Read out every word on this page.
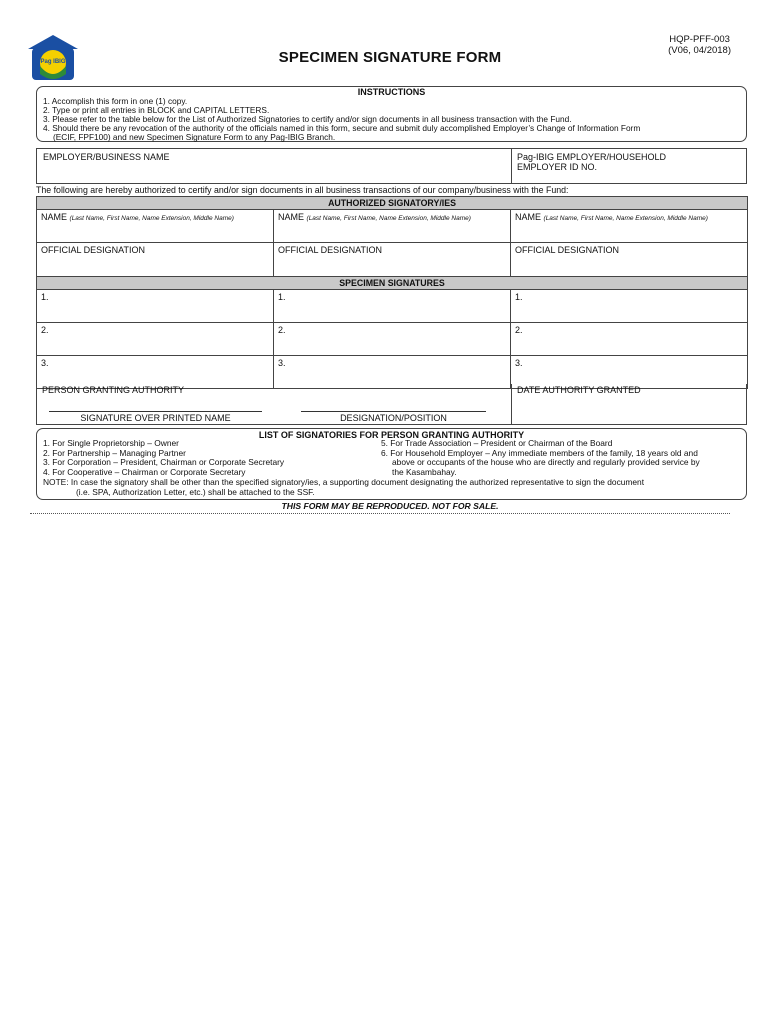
Pag IBIG
HQP-PFF-003
(V06, 04/2018)
SPECIMEN SIGNATURE FORM
INSTRUCTIONS
1. Accomplish this form in one (1) copy.
2. Type or print all entries in BLOCK and CAPITAL LETTERS.
3. Please refer to the table below for the List of Authorized Signatories to certify and/or sign documents in all business transaction with the Fund.
4. Should there be any revocation of the authority of the officials named in this form, secure and submit duly accomplished Employer’s Change of Information Form
(ECIF, FPF100) and new Specimen Signature Form to any Pag-IBIG Branch.
EMPLOYER/BUSINESS NAME	Pag-IBIG EMPLOYER/HOUSEHOLD
EMPLOYER ID NO.
The following are hereby authorized to certify and/or sign documents in all business transactions of our company/business with the Fund:
AUTHORIZED SIGNATORY/IES		
NAME (Last Name, First Name, Name Extension, Middle Name)	NAME (Last Name, First Name, Name Extension, Middle Name)	NAME (Last Name, First Name, Name Extension, Middle Name)
OFFICIAL DESIGNATION	OFFICIAL DESIGNATION	OFFICIAL DESIGNATION
SPECIMEN SIGNATURES		
1.	1.	1.
2.	2.	2.
3.	3.	3.
PERSON GRANTING AUTHORITY	DATE AUTHORITY GRANTED
SIGNATURE OVER PRINTED NAME	DESIGNATION/POSITION
LIST OF SIGNATORIES FOR PERSON GRANTING AUTHORITY
1. For Single Proprietorship – Owner
2. For Partnership – Managing Partner
3. For Corporation – President, Chairman or Corporate Secretary
4. For Cooperative – Chairman or Corporate Secretary
5. For Trade Association – President or Chairman of the Board
6. For Household Employer – Any immediate members of the family, 18 years old and
above or occupants of the house who are directly and regularly provided service by
the Kasambahay.
NOTE: In case the signatory shall be other than the specified signatory/ies, a supporting document designating the authorized representative to sign the document
(i.e. SPA, Authorization Letter, etc.) shall be attached to the SSF.
THIS FORM MAY BE REPRODUCED. NOT FOR SALE.
